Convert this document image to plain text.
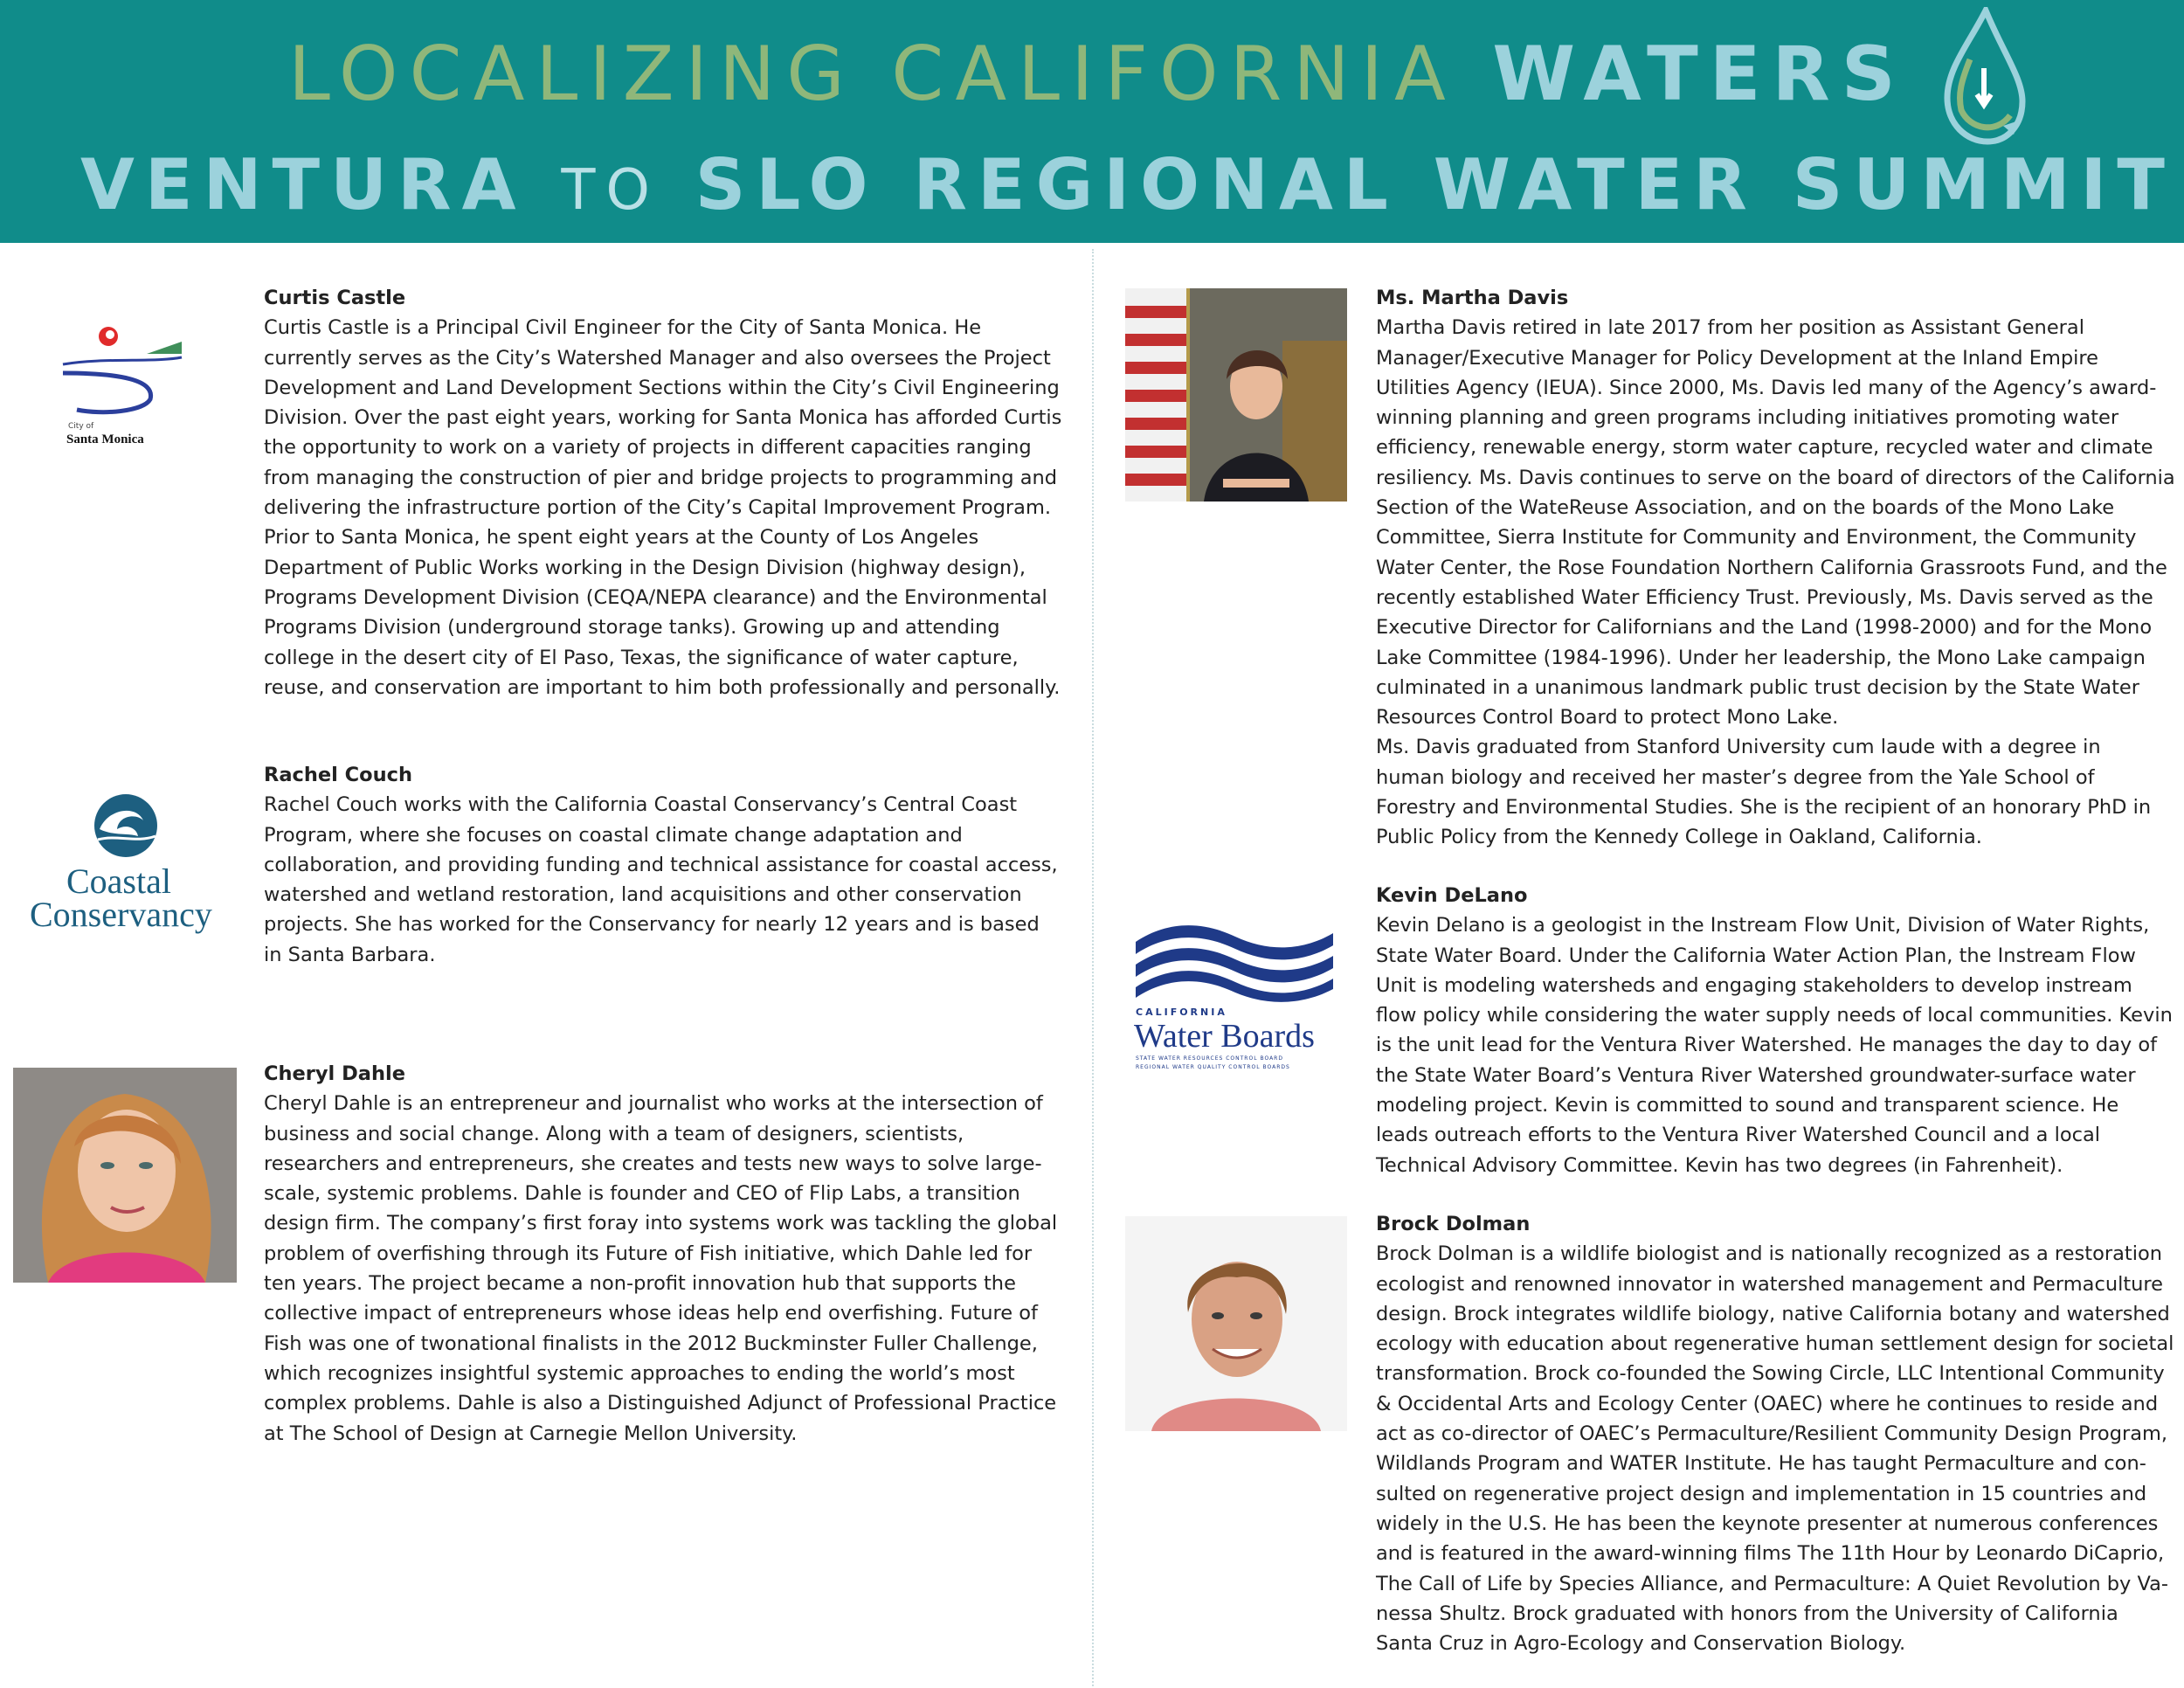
LOCALIZING CALIFORNIA WATERS
VENTURA TO SLO REGIONAL WATER SUMMIT
City of
Santa Monica
Curtis Castle

Curtis Castle is a Principal Civil Engineer for the City of Santa Monica. He currently serves as the City’s Watershed Manager and also oversees the Project Development and Land Development Sections within the City’s Civil Engineering Division. Over the past eight years, working for Santa Monica has afforded Curtis the opportunity to work on a variety of projects in different capacities ranging from managing the construction of pier and bridge projects to programming and delivering the infrastructure portion of the City’s Capital Improvement Program. Prior to Santa Monica, he spent eight years at the County of Los Angeles Department of Public Works working in the Design Division (highway design), Programs Development Division (CEQA/NEPA clearance) and the Environmental Programs Division (underground storage tanks). Growing up and attending college in the desert city of El Paso, Texas, the significance of water capture, reuse, and conservation are important to him both professionally and personally.

Coastal
Conservancy
Rachel Couch

Rachel Couch works with the California Coastal Conservancy’s Central Coast Program, where she focuses on coastal climate change adaptation and collaboration, and providing funding and technical assistance for coastal access, watershed and wetland restoration, land acquisitions and other conservation projects. She has worked for the Conservancy for nearly 12 years and is based in Santa Barbara.

Cheryl Dahle

Cheryl Dahle is an entrepreneur and journalist who works at the intersection of business and social change. Along with a team of designers, scientists, researchers and entrepreneurs, she creates and tests new ways to solve large-scale, systemic problems. Dahle is founder and CEO of Flip Labs, a transition design firm. The company’s first foray into systems work was tackling the global problem of overfishing through its Future of Fish initiative, which Dahle led for ten years. The project became a non-profit innovation hub that supports the collective impact of entrepreneurs whose ideas help end overfishing. Future of Fish was one of twonational finalists in the 2012 Buckminster Fuller Challenge, which recognizes insightful systemic approaches to ending the world’s most complex problems. Dahle is also a Distinguished Adjunct of Professional Practice at The School of Design at Carnegie Mellon University.

Ms. Martha Davis

Martha Davis retired in late 2017 from her position as Assistant General Manager/Executive Manager for Policy Development at the Inland Empire Utilities Agency (IEUA). Since 2000, Ms. Davis led many of the Agency’s award-winning planning and green programs including initiatives promoting water efficiency, renewable energy, storm water capture, recycled water and climate resiliency. Ms. Davis continues to serve on the board of directors of the California Section of the WateReuse Association, and on the boards of the Mono Lake Committee, Sierra Institute for Community and Environment, the Community Water Center, the Rose Foundation Northern California Grassroots Fund, and the recently established Water Efficiency Trust. Previously, Ms. Davis served as the Executive Director for Californians and the Land (1998-2000) and for the Mono Lake Committee (1984-1996). Under her leadership, the Mono Lake campaign culminated in a unanimous landmark public trust decision by the State Water Resources Control Board to protect Mono Lake.

Ms. Davis graduated from Stanford University cum laude with a degree in human biology and received her master’s degree from the Yale School of Forestry and Environmental Studies. She is the recipient of an honorary PhD in Public Policy from the Kennedy College in Oakland, California.

CALIFORNIA
Water Boards
STATE WATER RESOURCES CONTROL BOARD
REGIONAL WATER QUALITY CONTROL BOARDS
Kevin DeLano

Kevin Delano is a geologist in the Instream Flow Unit, Division of Water Rights, State Water Board. Under the California Water Action Plan, the Instream Flow Unit is modeling watersheds and engaging stakeholders to develop instream flow policy while considering the water supply needs of local communities. Kevin is the unit lead for the Ventura River Watershed. He manages the day to day of the State Water Board’s Ventura River Watershed groundwater-surface water modeling project. Kevin is committed to sound and transparent science. He leads outreach efforts to the Ventura River Watershed Council and a local Technical Advisory Committee. Kevin has two degrees (in Fahrenheit).

Brock Dolman

Brock Dolman is a wildlife biologist and is nationally recognized as a restoration ecologist and renowned innovator in watershed management and Permaculture design. Brock integrates wildlife biology, native California botany and watershed ecology with education about regenerative human settlement design for societal transformation. Brock co-founded the Sowing Circle, LLC Intentional Community & Occidental Arts and Ecology Center (OAEC) where he continues to reside and act as co-director of OAEC’s Permaculture/Resilient Community Design Program, Wildlands Program and WATER Institute. He has taught Permaculture and con-sulted on regenerative project design and implementation in 15 countries and widely in the U.S. He has been the keynote presenter at numerous conferences and is featured in the award-winning films The 11th Hour by Leonardo DiCaprio, The Call of Life by Species Alliance, and Permaculture: A Quiet Revolution by Va-nessa Shultz. Brock graduated with honors from the University of California Santa Cruz in Agro-Ecology and Conservation Biology.
